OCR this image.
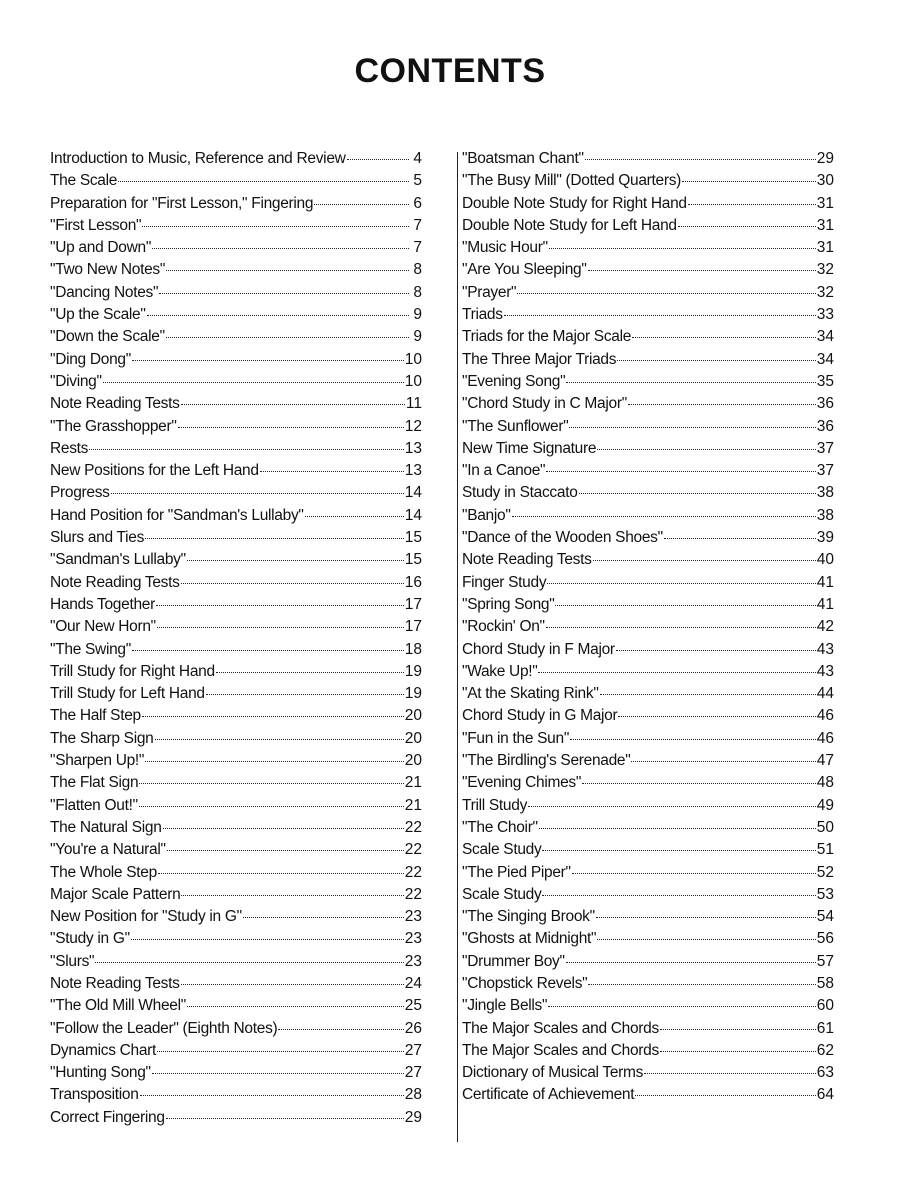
CONTENTS
Introduction to Music, Reference and Review	4
The Scale	5
Preparation for "First Lesson," Fingering	6
"First Lesson"	7
"Up and Down"	7
"Two New Notes"	8
"Dancing Notes"	8
"Up the Scale"	9
"Down the Scale"	9
"Ding Dong"	10
"Diving"	10
Note Reading Tests	11
"The Grasshopper"	12
Rests	13
New Positions for the Left Hand	13
Progress	14
Hand Position for "Sandman's Lullaby"	14
Slurs and Ties	15
"Sandman's Lullaby"	15
Note Reading Tests	16
Hands Together	17
"Our New Horn"	17
"The Swing"	18
Trill Study for Right Hand	19
Trill Study for Left Hand	19
The Half Step	20
The Sharp Sign	20
"Sharpen Up!"	20
The Flat Sign	21
"Flatten Out!"	21
The Natural Sign	22
"You're a Natural"	22
The Whole Step	22
Major Scale Pattern	22
New Position for "Study in G"	23
"Study in G"	23
"Slurs"	23
Note Reading Tests	24
"The Old Mill Wheel"	25
"Follow the Leader" (Eighth Notes)	26
Dynamics Chart	27
"Hunting Song"	27
Transposition	28
Correct Fingering	29
"Boatsman Chant"	29
"The Busy Mill" (Dotted Quarters)	30
Double Note Study for Right Hand	31
Double Note Study for Left Hand	31
"Music Hour"	31
"Are You Sleeping"	32
"Prayer"	32
Triads	33
Triads for the Major Scale	34
The Three Major Triads	34
"Evening Song"	35
"Chord Study in C Major"	36
"The Sunflower"	36
New Time Signature	37
"In a Canoe"	37
Study in Staccato	38
"Banjo"	38
"Dance of the Wooden Shoes"	39
Note Reading Tests	40
Finger Study	41
"Spring Song"	41
"Rockin' On"	42
Chord Study in F Major	43
"Wake Up!"	43
"At the Skating Rink"	44
Chord Study in G Major	46
"Fun in the Sun"	46
"The Birdling's Serenade"	47
"Evening Chimes"	48
Trill Study	49
"The Choir"	50
Scale Study	51
"The Pied Piper"	52
Scale Study	53
"The Singing Brook"	54
"Ghosts at Midnight"	56
"Drummer Boy"	57
"Chopstick Revels"	58
"Jingle Bells"	60
The Major Scales and Chords	61
The Major Scales and Chords	62
Dictionary of Musical Terms	63
Certificate of Achievement	64
